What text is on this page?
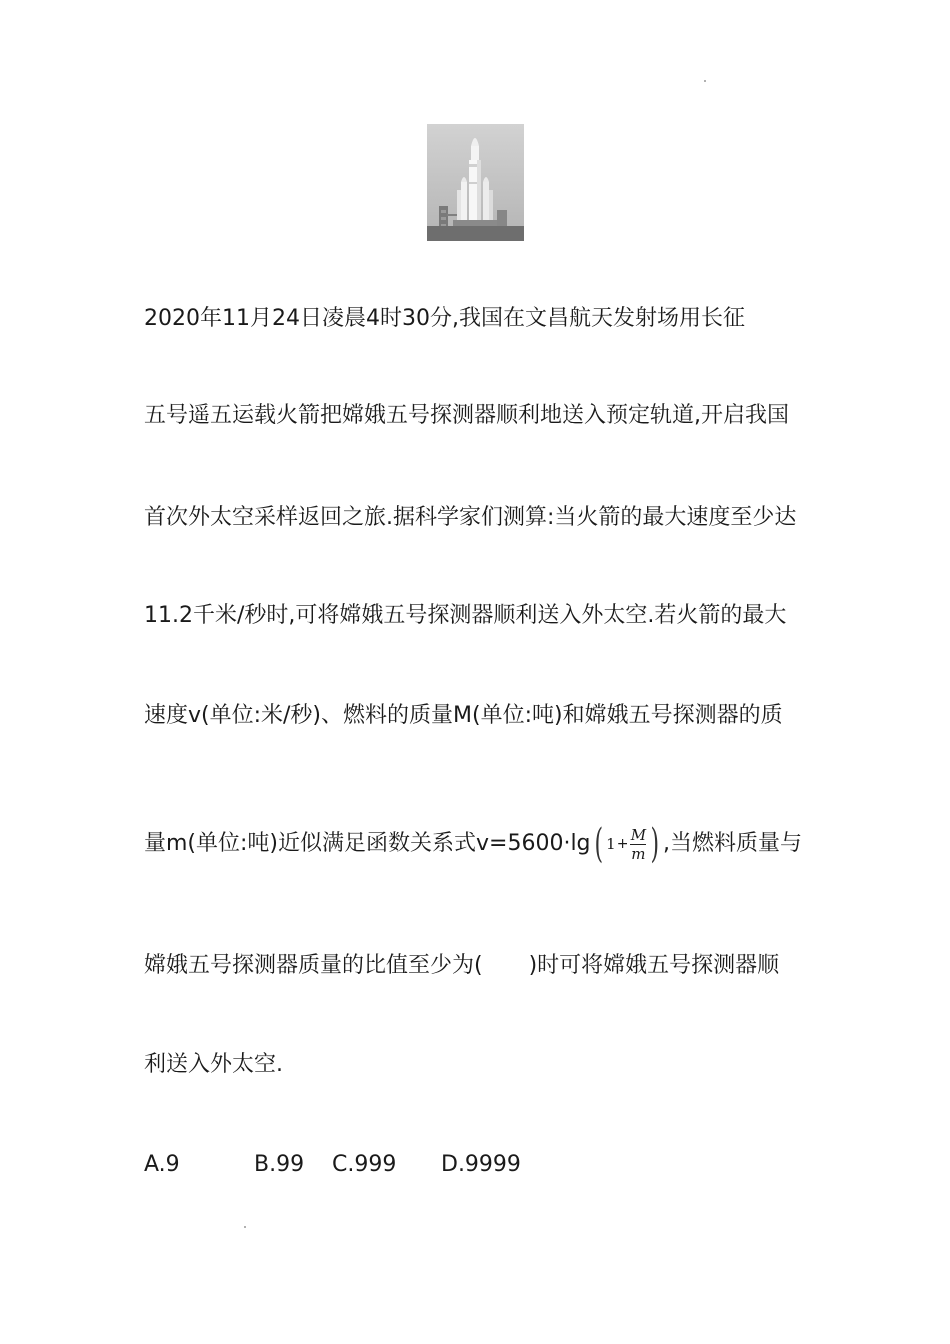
2020年11月24日凌晨4时30分,我国在文昌航天发射场用长征
五号遥五运载火箭把嫦娥五号探测器顺利地送入预定轨道,开启我国
首次外太空采样返回之旅.据科学家们测算:当火箭的最大速度至少达
11.2千米/秒时,可将嫦娥五号探测器顺利送入外太空.若火箭的最大
速度v(单位:米/秒)、燃料的质量M(单位:吨)和嫦娥五号探测器的质
量m(单位:吨)近似满足函数关系式v=5600·lg ( $1 + \frac{M}{m}$ ) ,当燃料质量与
嫦娥五号探测器质量的比值至少为( )时可将嫦娥五号探测器顺
利送入外太空.
A.9	B.99 C.999 D.9999
